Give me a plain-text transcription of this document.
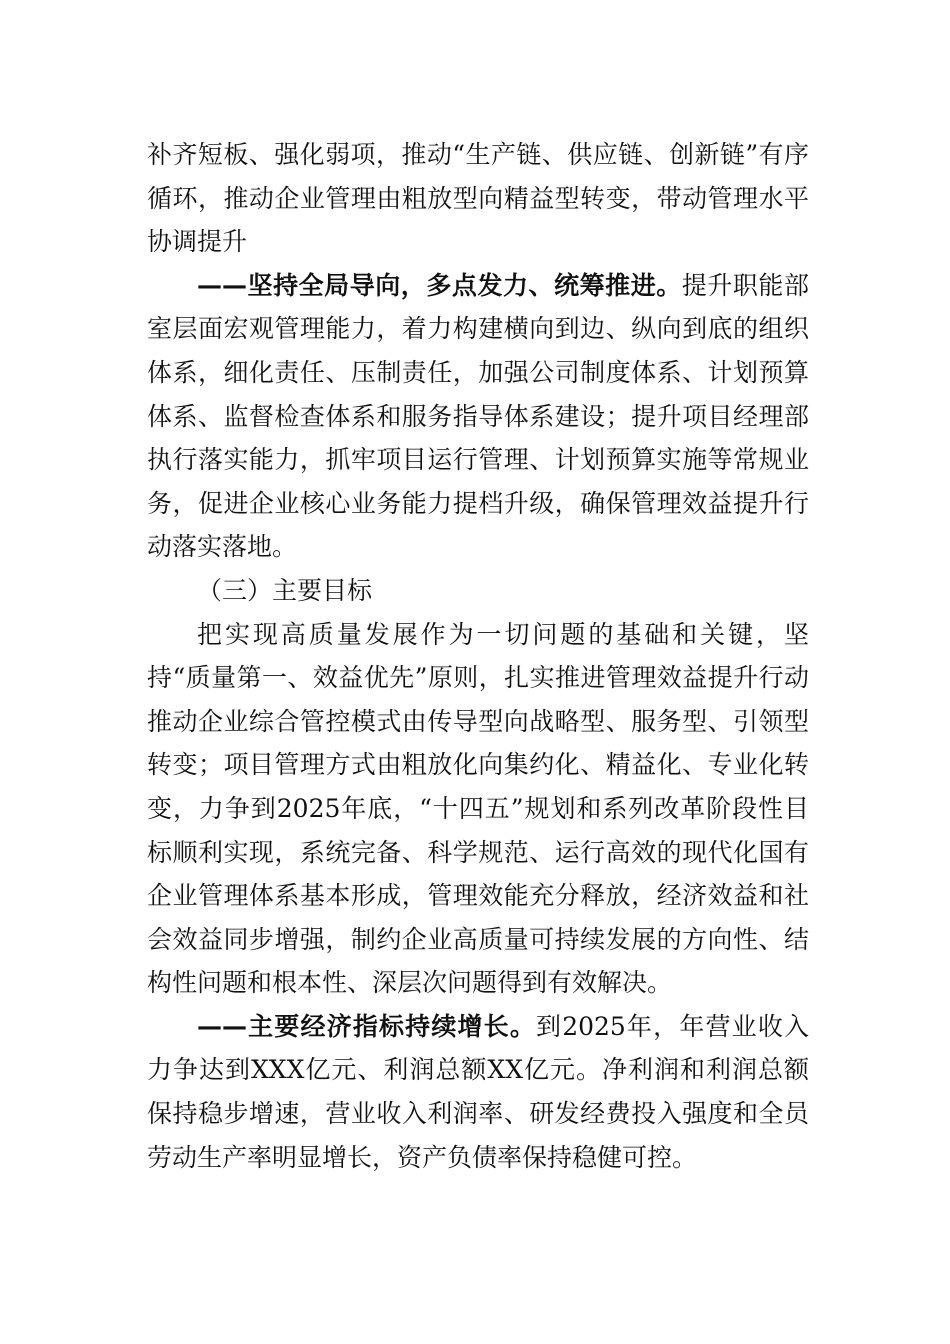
补齐短板、强化弱项，推动“生产链、供应链、创新链”有序循环，推动企业管理由粗放型向精益型转变，带动管理水平协调提升

——坚持全局导向，多点发力、统筹推进。提升职能部室层面宏观管理能力，着力构建横向到边、纵向到底的组织体系，细化责任、压制责任，加强公司制度体系、计划预算体系、监督检查体系和服务指导体系建设；提升项目经理部执行落实能力，抓牢项目运行管理、计划预算实施等常规业务，促进企业核心业务能力提档升级，确保管理效益提升行动落实落地。

（三）主要目标

把实现高质量发展作为一切问题的基础和关键，坚持“质量第一、效益优先”原则，扎实推进管理效益提升行动推动企业综合管控模式由传导型向战略型、服务型、引领型转变；项目管理方式由粗放化向集约化、精益化、专业化转变，力争到2025年底，“十四五”规划和系列改革阶段性目标顺利实现，系统完备、科学规范、运行高效的现代化国有企业管理体系基本形成，管理效能充分释放，经济效益和社会效益同步增强，制约企业高质量可持续发展的方向性、结构性问题和根本性、深层次问题得到有效解决。

——主要经济指标持续增长。到2025年，年营业收入力争达到XXX亿元、利润总额XX亿元。净利润和利润总额保持稳步增速，营业收入利润率、研发经费投入强度和全员劳动生产率明显增长，资产负债率保持稳健可控。
